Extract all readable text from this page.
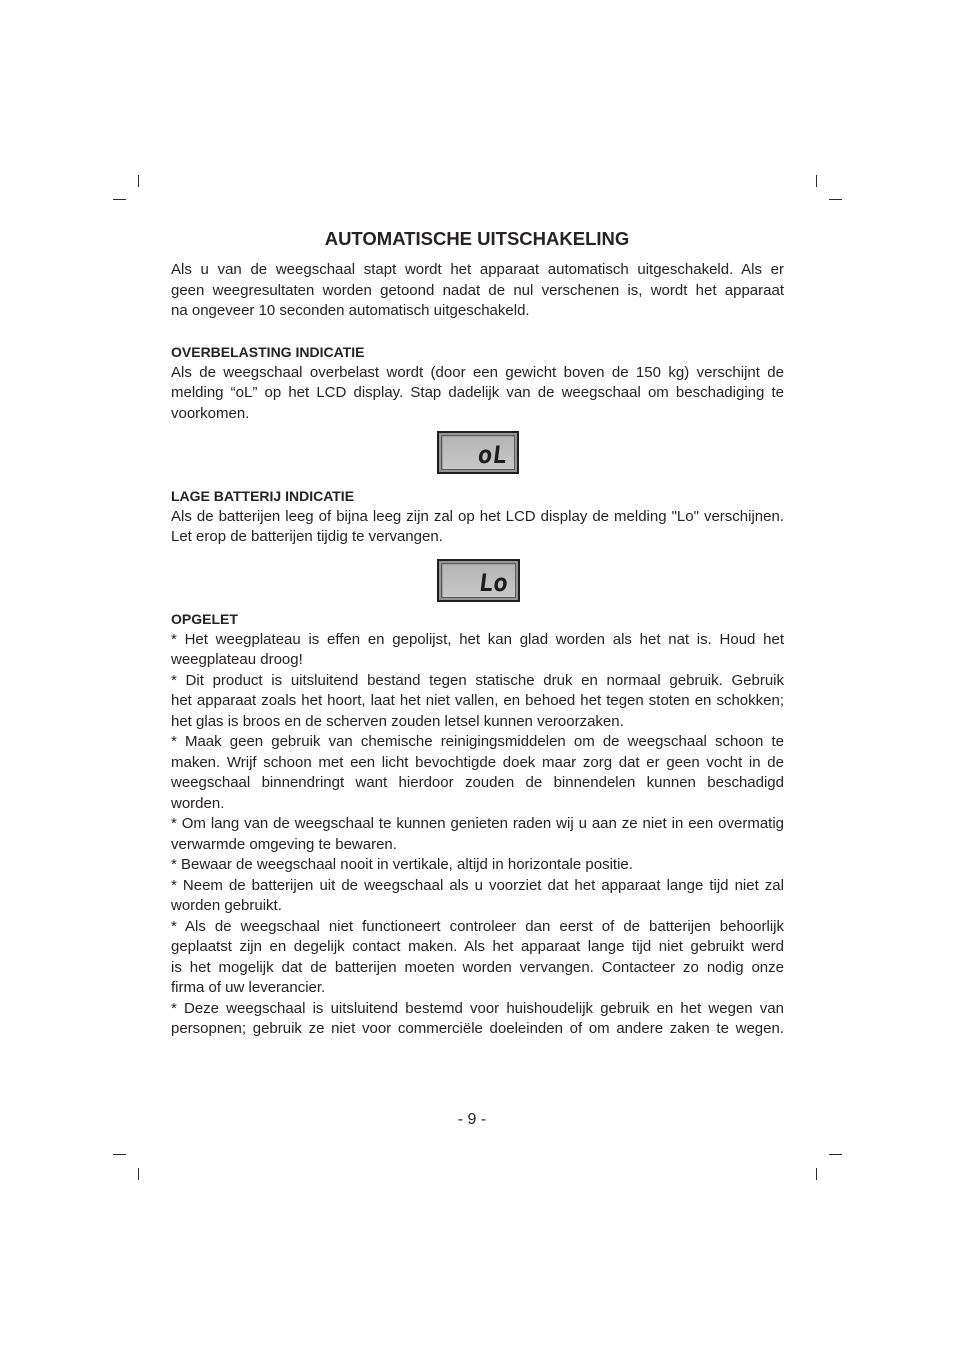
AUTOMATISCHE UITSCHAKELING
Als u van de weegschaal stapt wordt het apparaat automatisch uitgeschakeld. Als er
geen weegresultaten worden getoond nadat de nul verschenen is, wordt het apparaat
na ongeveer 10 seconden automatisch uitgeschakeld.
OVERBELASTING INDICATIE
Als de weegschaal overbelast wordt (door een gewicht boven de 150 kg) verschijnt de
melding “oL” op het LCD display. Stap dadelijk van de weegschaal om beschadiging te
voorkomen.
oL
LAGE BATTERIJ INDICATIE
Als de batterijen leeg of bijna leeg zijn zal op het LCD display de melding "Lo" verschijnen.
Let erop de batterijen tijdig te vervangen.
Lo
OPGELET
* Het weegplateau is effen en gepolijst, het kan glad worden als het nat is. Houd het
weegplateau droog!
* Dit product is uitsluitend bestand tegen statische druk en normaal gebruik. Gebruik
het apparaat zoals het hoort, laat het niet vallen, en behoed het tegen stoten en schokken;
het glas is broos en de scherven zouden letsel kunnen veroorzaken.
* Maak geen gebruik van chemische reinigingsmiddelen om de weegschaal schoon te
maken. Wrijf schoon met een licht bevochtigde doek maar zorg dat er geen vocht in de
weegschaal binnendringt want hierdoor zouden de binnendelen kunnen beschadigd
worden.
* Om lang van de weegschaal te kunnen genieten raden wij u aan ze niet in een overmatig
verwarmde omgeving te bewaren.
* Bewaar de weegschaal nooit in vertikale, altijd in horizontale positie.
* Neem de batterijen uit de weegschaal als u voorziet dat het apparaat lange tijd niet zal
worden gebruikt.
* Als de weegschaal niet functioneert controleer dan eerst of de batterijen behoorlijk
geplaatst zijn en degelijk contact maken. Als het apparaat lange tijd niet gebruikt werd
is het mogelijk dat de batterijen moeten worden vervangen. Contacteer zo nodig onze
firma of uw leverancier.
* Deze weegschaal is uitsluitend bestemd voor huishoudelijk gebruik en het wegen van
persopnen; gebruik ze niet voor commerciële doeleinden of om andere zaken te wegen.
- 9 -
